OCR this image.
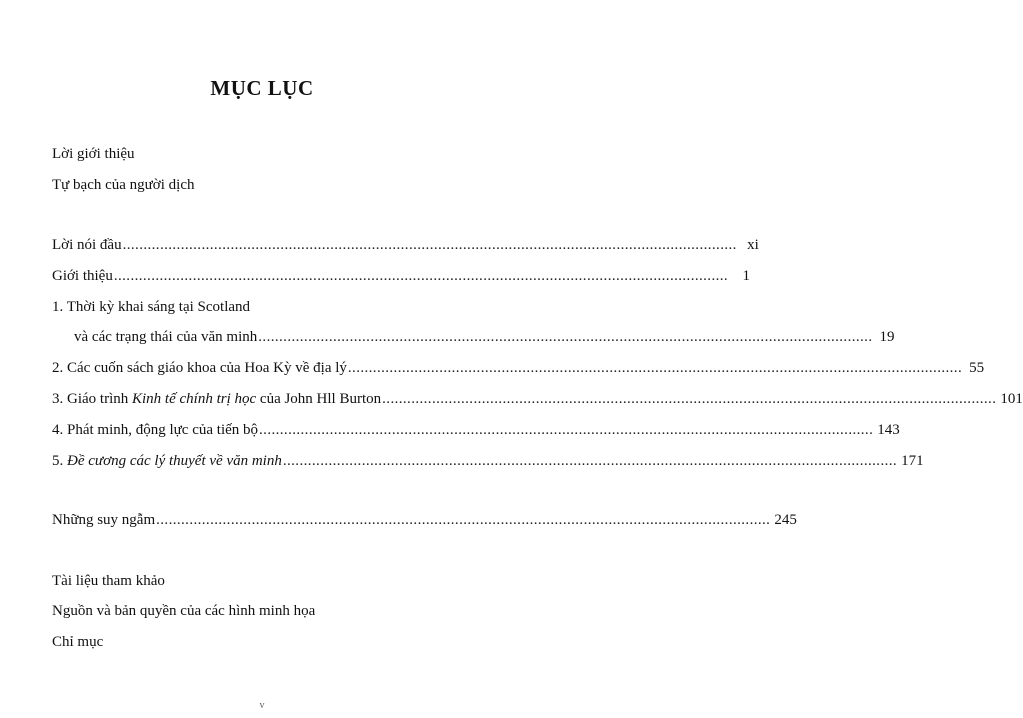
MỤC LỤC
Lời giới thiệu
Tự bạch của người dịch
Lời nói đầu .................................................................................................................................................... xi
Giới thiệu .................................................................................................................................................... 1
1. Thời kỳ khai sáng tại Scotland
và các trạng thái của văn minh .................................................................................................................................................... 19
2. Các cuốn sách giáo khoa của Hoa Kỳ về địa lý .................................................................................................................................................... 55
3. Giáo trình Kinh tế chính trị học của John Hll Burton .................................................................................................................................................... 101
4. Phát minh, động lực của tiến bộ .................................................................................................................................................... 143
5. Đề cương các lý thuyết về văn minh .................................................................................................................................................... 171
Những suy ngẫm .................................................................................................................................................... 245
Tài liệu tham khảo
Nguồn và bản quyền của các hình minh họa
Chỉ mục
v
